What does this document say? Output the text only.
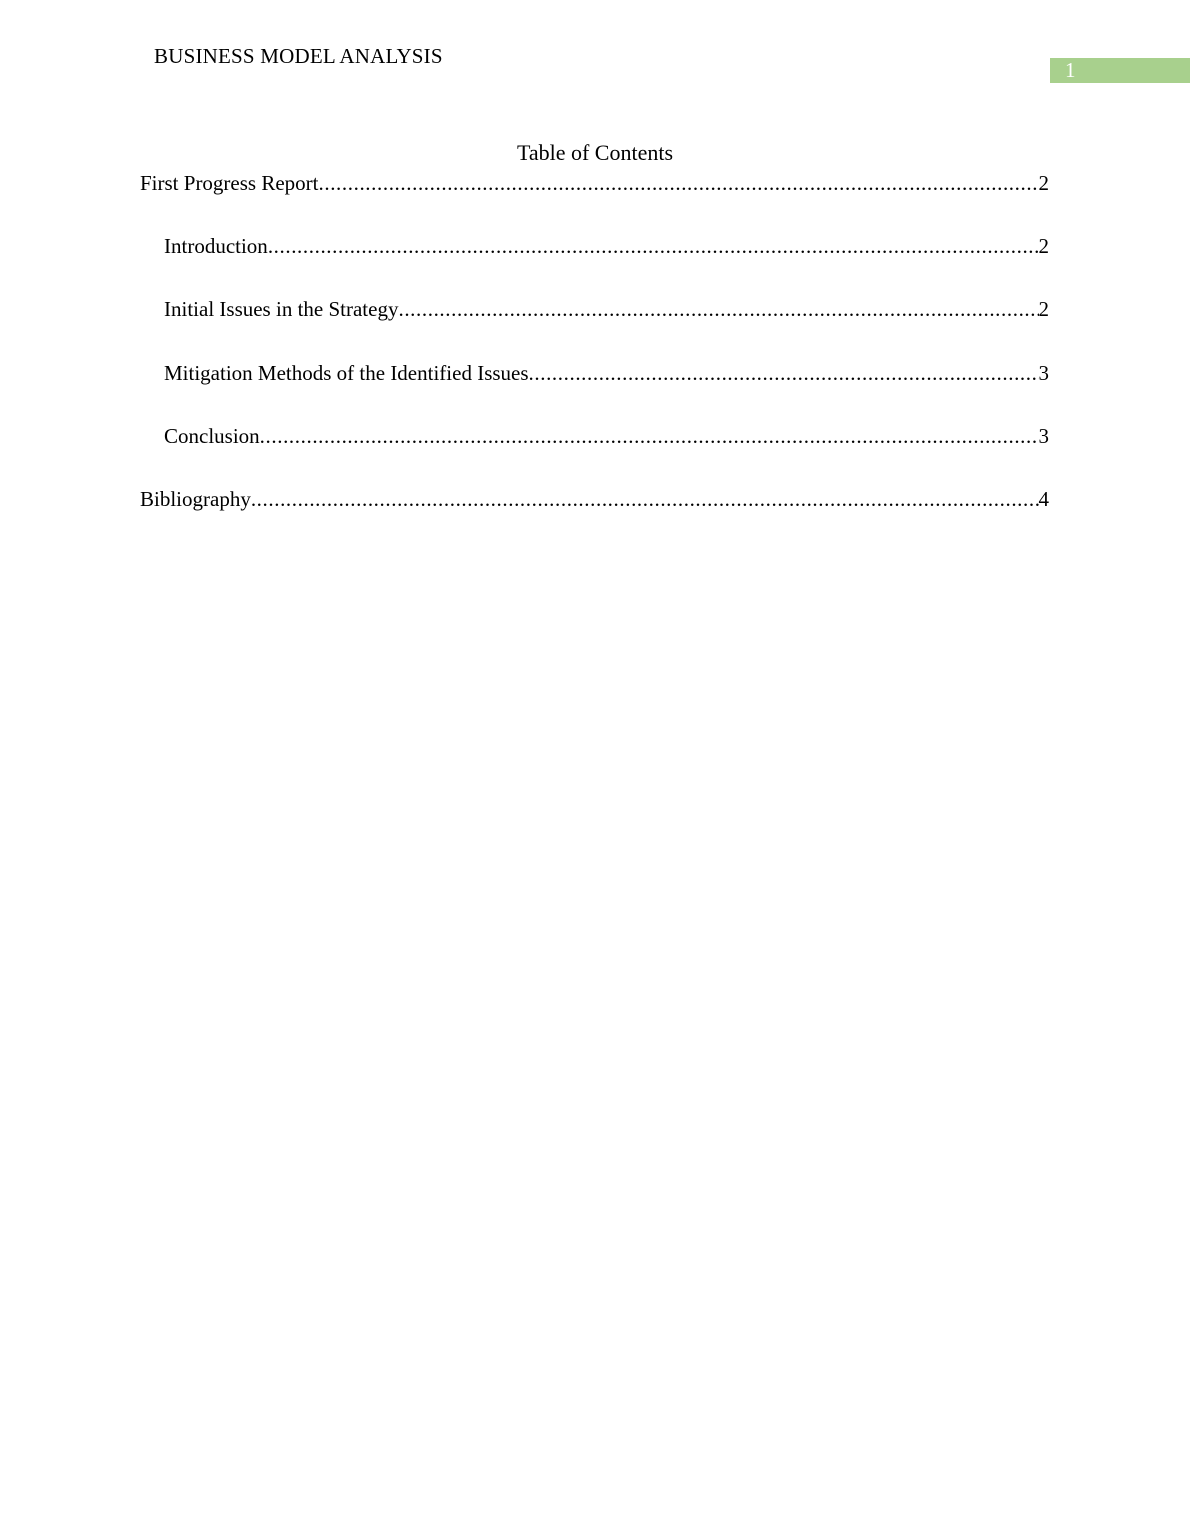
BUSINESS MODEL ANALYSIS
1
Table of Contents
First Progress Report .....	2
Introduction .....	2
Initial Issues in the Strategy .....	2
Mitigation Methods of the Identified Issues .....	3
Conclusion .....	3
Bibliography .....	4
